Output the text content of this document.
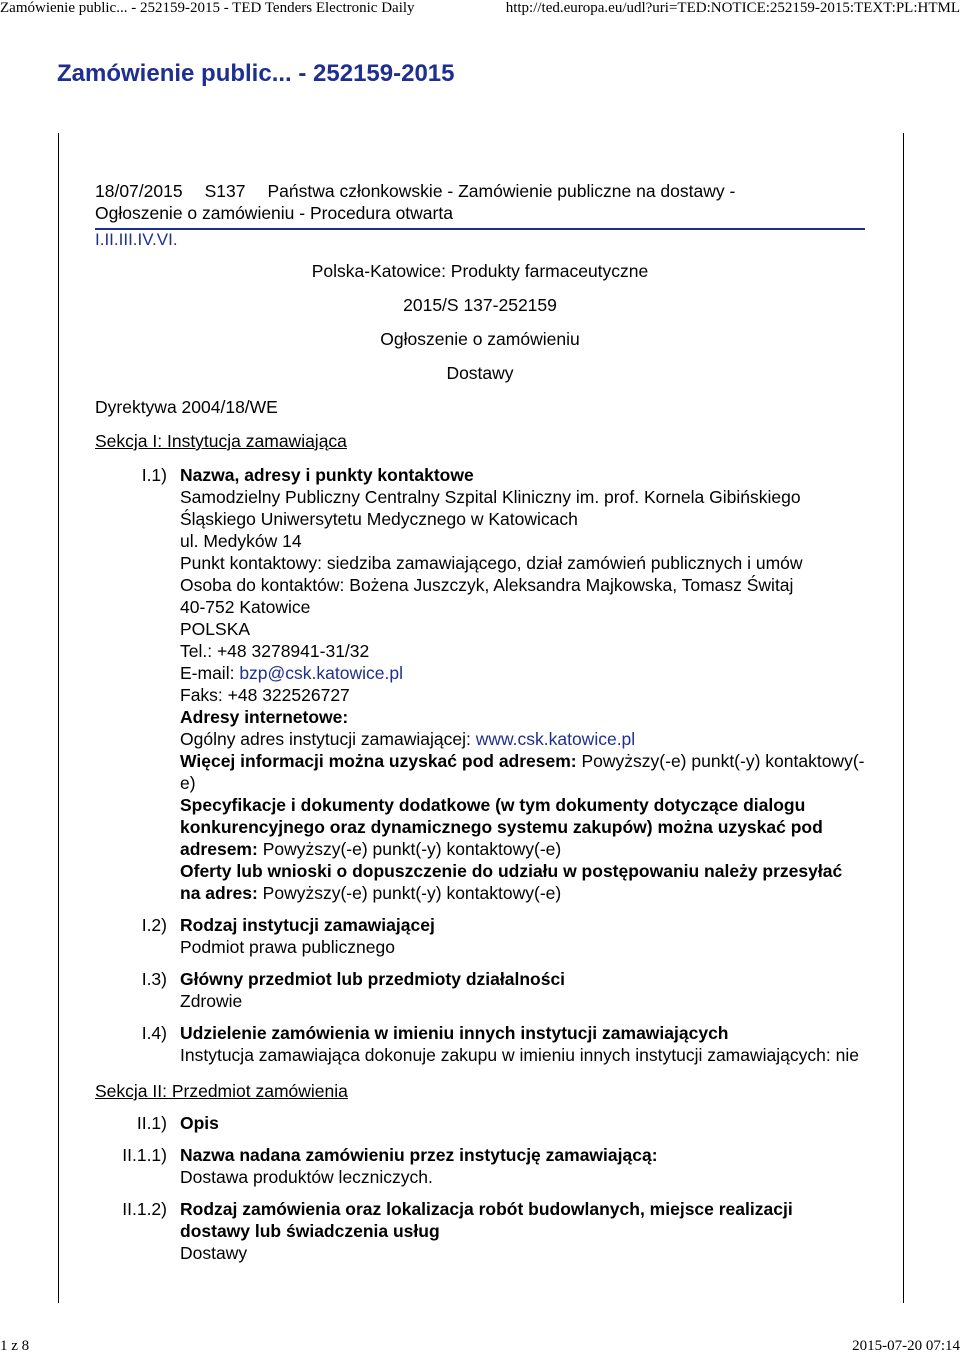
Zamówienie public... - 252159-2015 - TED Tenders Electronic Daily	http://ted.europa.eu/udl?uri=TED:NOTICE:252159-2015:TEXT:PL:HTML
Zamówienie public... - 252159-2015

18/07/2015 S137 Państwa członkowskie - Zamówienie publiczne na dostawy -

Ogłoszenie o zamówieniu - Procedura otwarta

I.II.III.IV.VI.

Polska-Katowice: Produkty farmaceutyczne

2015/S 137-252159

Ogłoszenie o zamówieniu

Dostawy

Dyrektywa 2004/18/WE

Sekcja I: Instytucja zamawiająca

I.1) Nazwa, adresy i punkty kontaktowe

Samodzielny Publiczny Centralny Szpital Kliniczny im. prof. Kornela Gibińskiego Śląskiego Uniwersytetu Medycznego w Katowicach

ul. Medyków 14

Punkt kontaktowy: siedziba zamawiającego, dział zamówień publicznych i umów

Osoba do kontaktów: Bożena Juszczyk, Aleksandra Majkowska, Tomasz Świtaj

40-752 Katowice

POLSKA

Tel.: +48 3278941-31/32

E-mail: bzp@csk.katowice.pl

Faks: +48 322526727

Adresy internetowe:

Ogólny adres instytucji zamawiającej: www.csk.katowice.pl

Więcej informacji można uzyskać pod adresem: Powyższy(-e) punkt(-y) kontaktowy(-e)

Specyfikacje i dokumenty dodatkowe (w tym dokumenty dotyczące dialogu konkurencyjnego oraz dynamicznego systemu zakupów) można uzyskać pod adresem: Powyższy(-e) punkt(-y) kontaktowy(-e)

Oferty lub wnioski o dopuszczenie do udziału w postępowaniu należy przesyłać na adres: Powyższy(-e) punkt(-y) kontaktowy(-e)

I.2) Rodzaj instytucji zamawiającej

Podmiot prawa publicznego

I.3) Główny przedmiot lub przedmioty działalności

Zdrowie

I.4) Udzielenie zamówienia w imieniu innych instytucji zamawiających

Instytucja zamawiająca dokonuje zakupu w imieniu innych instytucji zamawiających: nie

Sekcja II: Przedmiot zamówienia

II.1) Opis

II.1.1) Nazwa nadana zamówieniu przez instytucję zamawiającą:

Dostawa produktów leczniczych.

II.1.2) Rodzaj zamówienia oraz lokalizacja robót budowlanych, miejsce realizacji dostawy lub świadczenia usług

Dostawy

1 z 8	2015-07-20 07:14
